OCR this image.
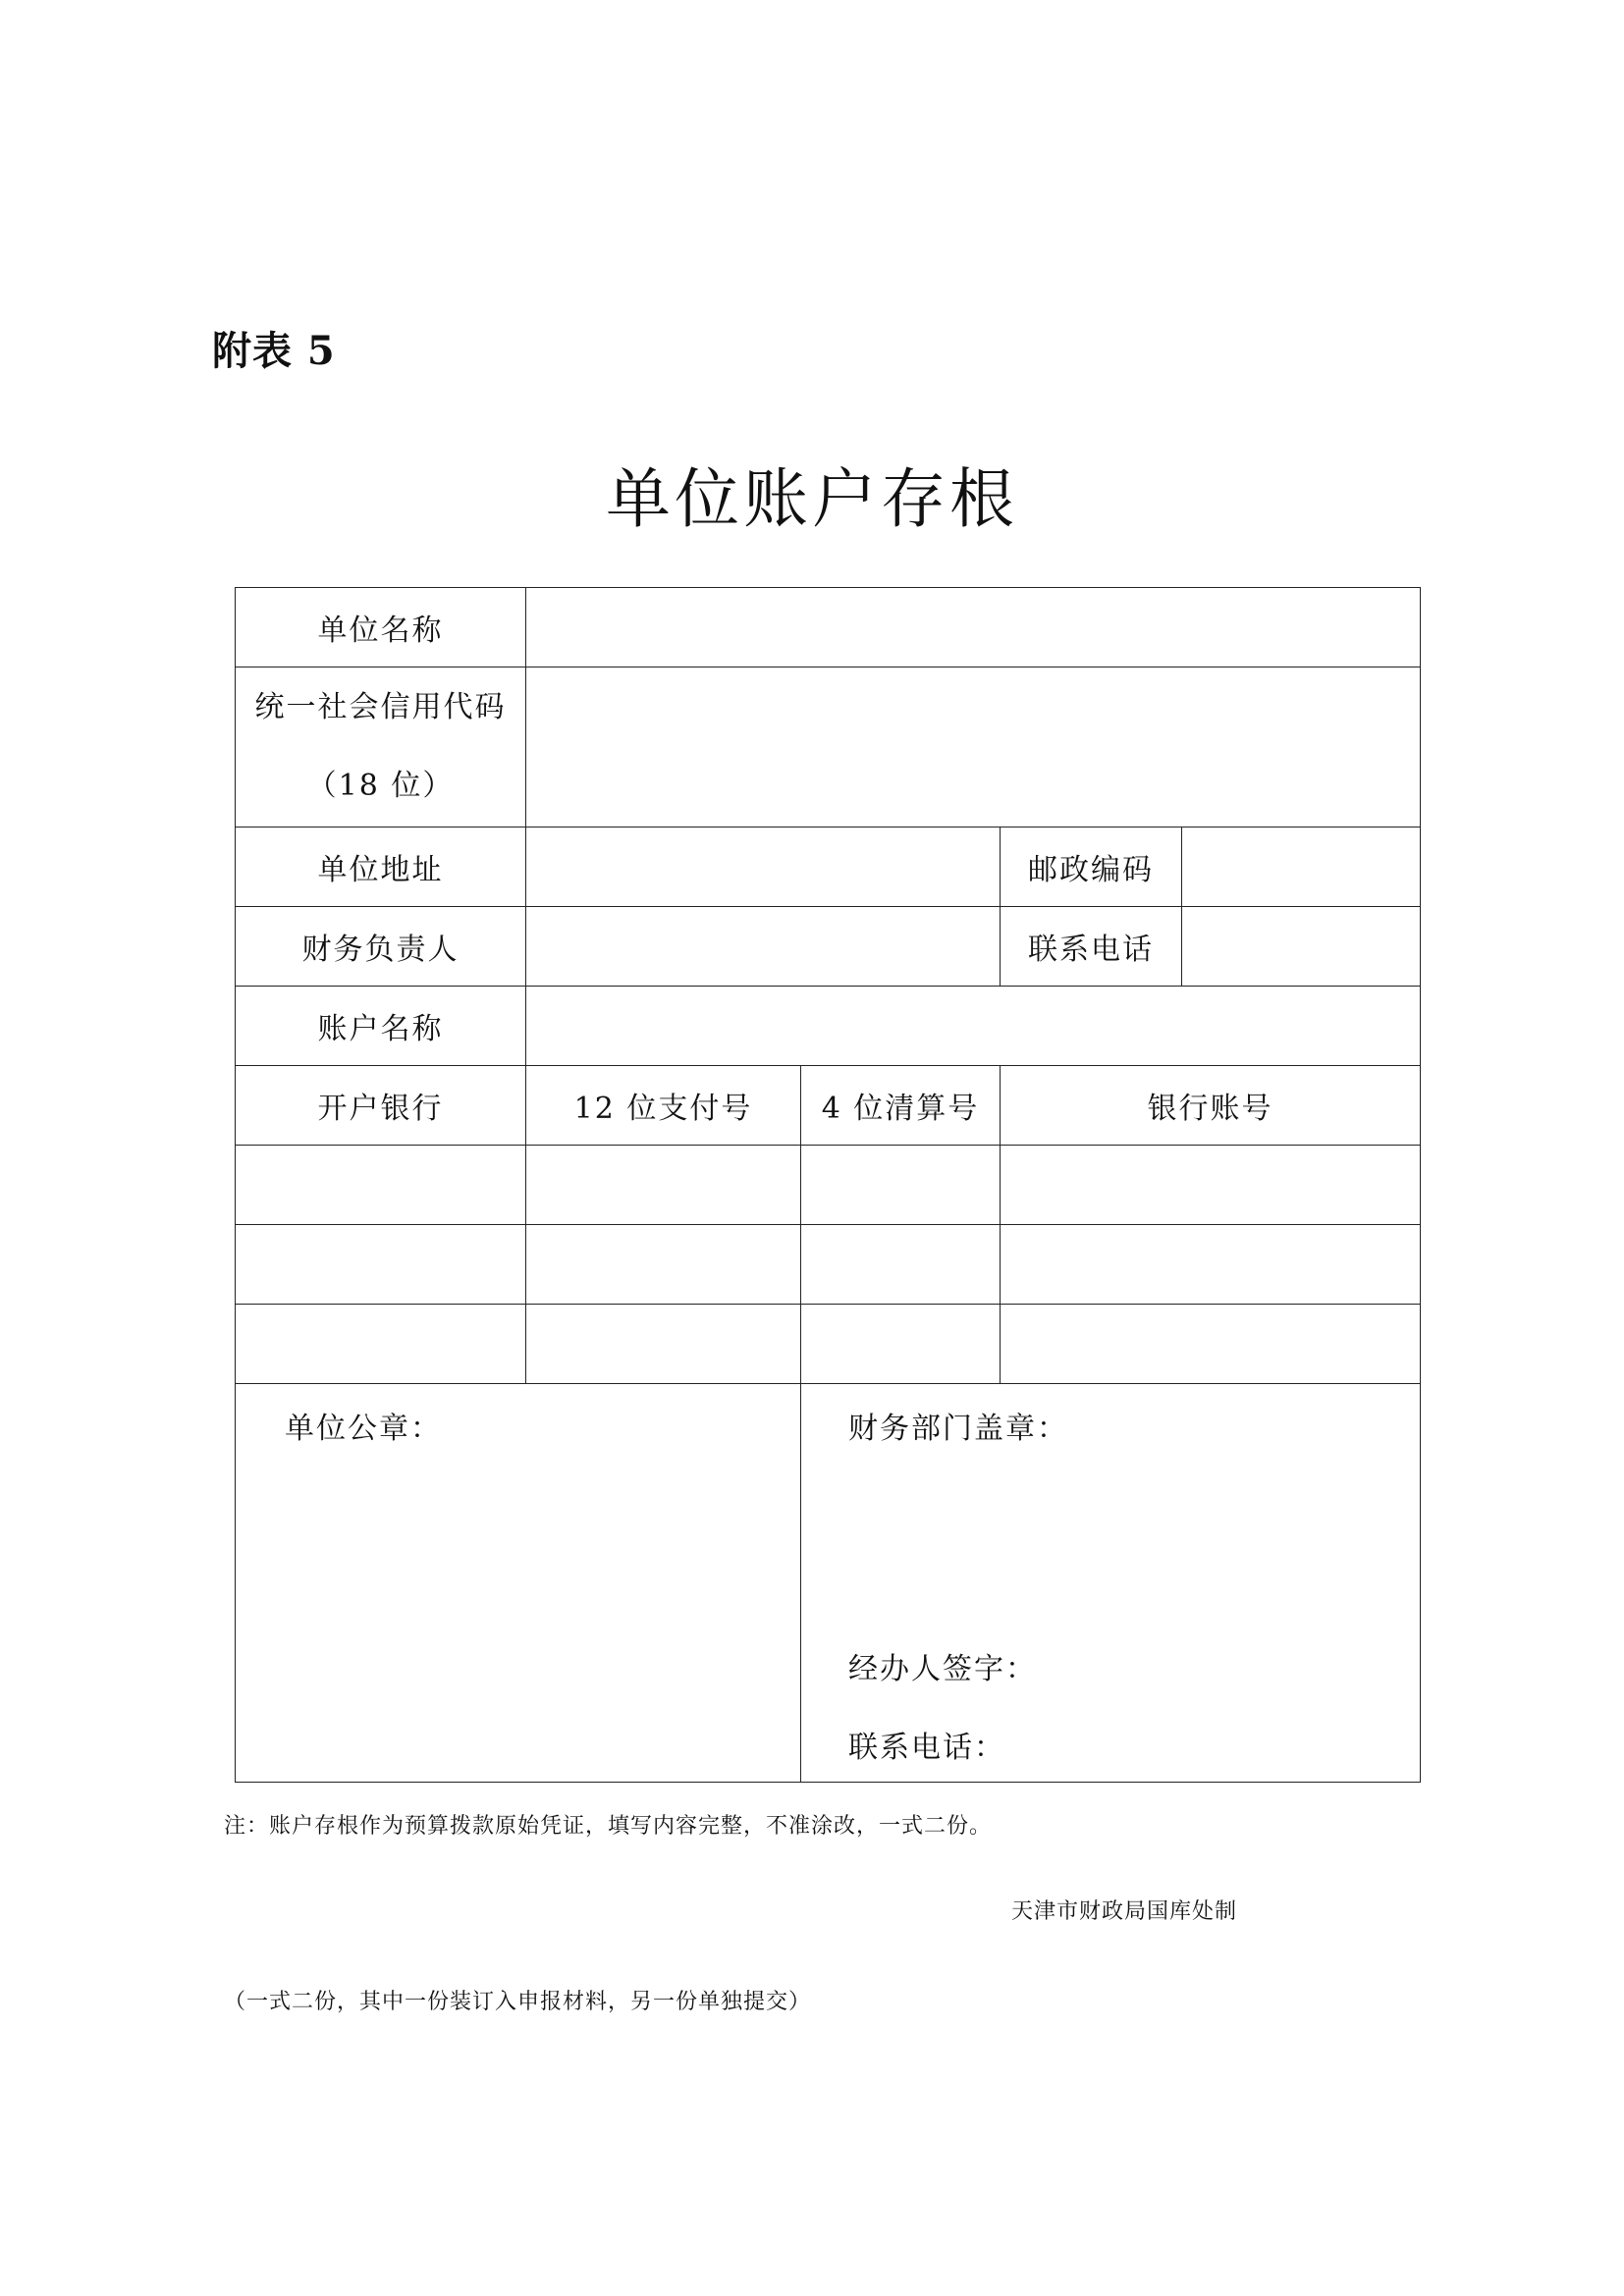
附表 5
单位账户存根
单位名称				

统一社会信用代码
（18 位）				

单位地址			邮政编码	
财务负责人			联系电话	
账户名称				
开户银行	12 位支付号	4 位清算号	银行账号	

单位公章：		财务部门盖章：
经办人签字：
联系电话：		
注：账户存根作为预算拨款原始凭证，填写内容完整，不准涂改，一式二份。
天津市财政局国库处制
（一式二份，其中一份装订入申报材料，另一份单独提交）
